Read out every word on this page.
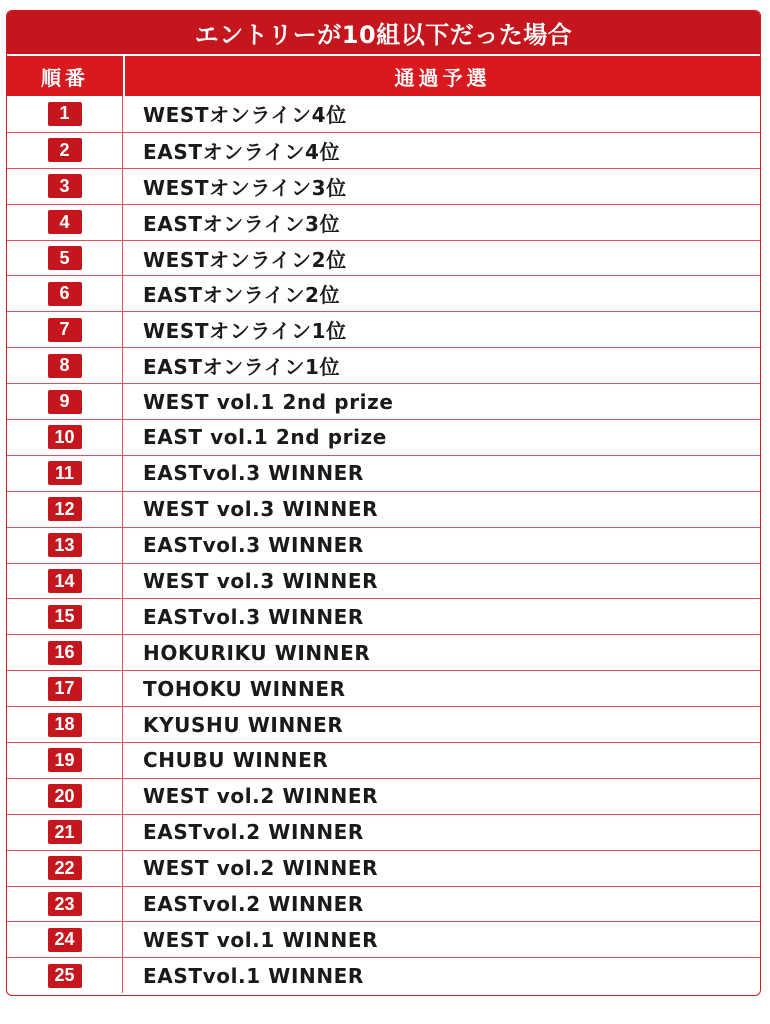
エントリーが10組以下だった場合
順番	通過予選
1	WESTオンライン4位
2	EASTオンライン4位
3	WESTオンライン3位
4	EASTオンライン3位
5	WESTオンライン2位
6	EASTオンライン2位
7	WESTオンライン1位
8	EASTオンライン1位
9	WEST vol.1 2nd prize
10	EAST vol.1 2nd prize
11	EASTvol.3 WINNER
12	WEST vol.3 WINNER
13	EASTvol.3 WINNER
14	WEST vol.3 WINNER
15	EASTvol.3 WINNER
16	HOKURIKU WINNER
17	TOHOKU WINNER
18	KYUSHU WINNER
19	CHUBU WINNER
20	WEST vol.2 WINNER
21	EASTvol.2 WINNER
22	WEST vol.2 WINNER
23	EASTvol.2 WINNER
24	WEST vol.1 WINNER
25	EASTvol.1 WINNER
